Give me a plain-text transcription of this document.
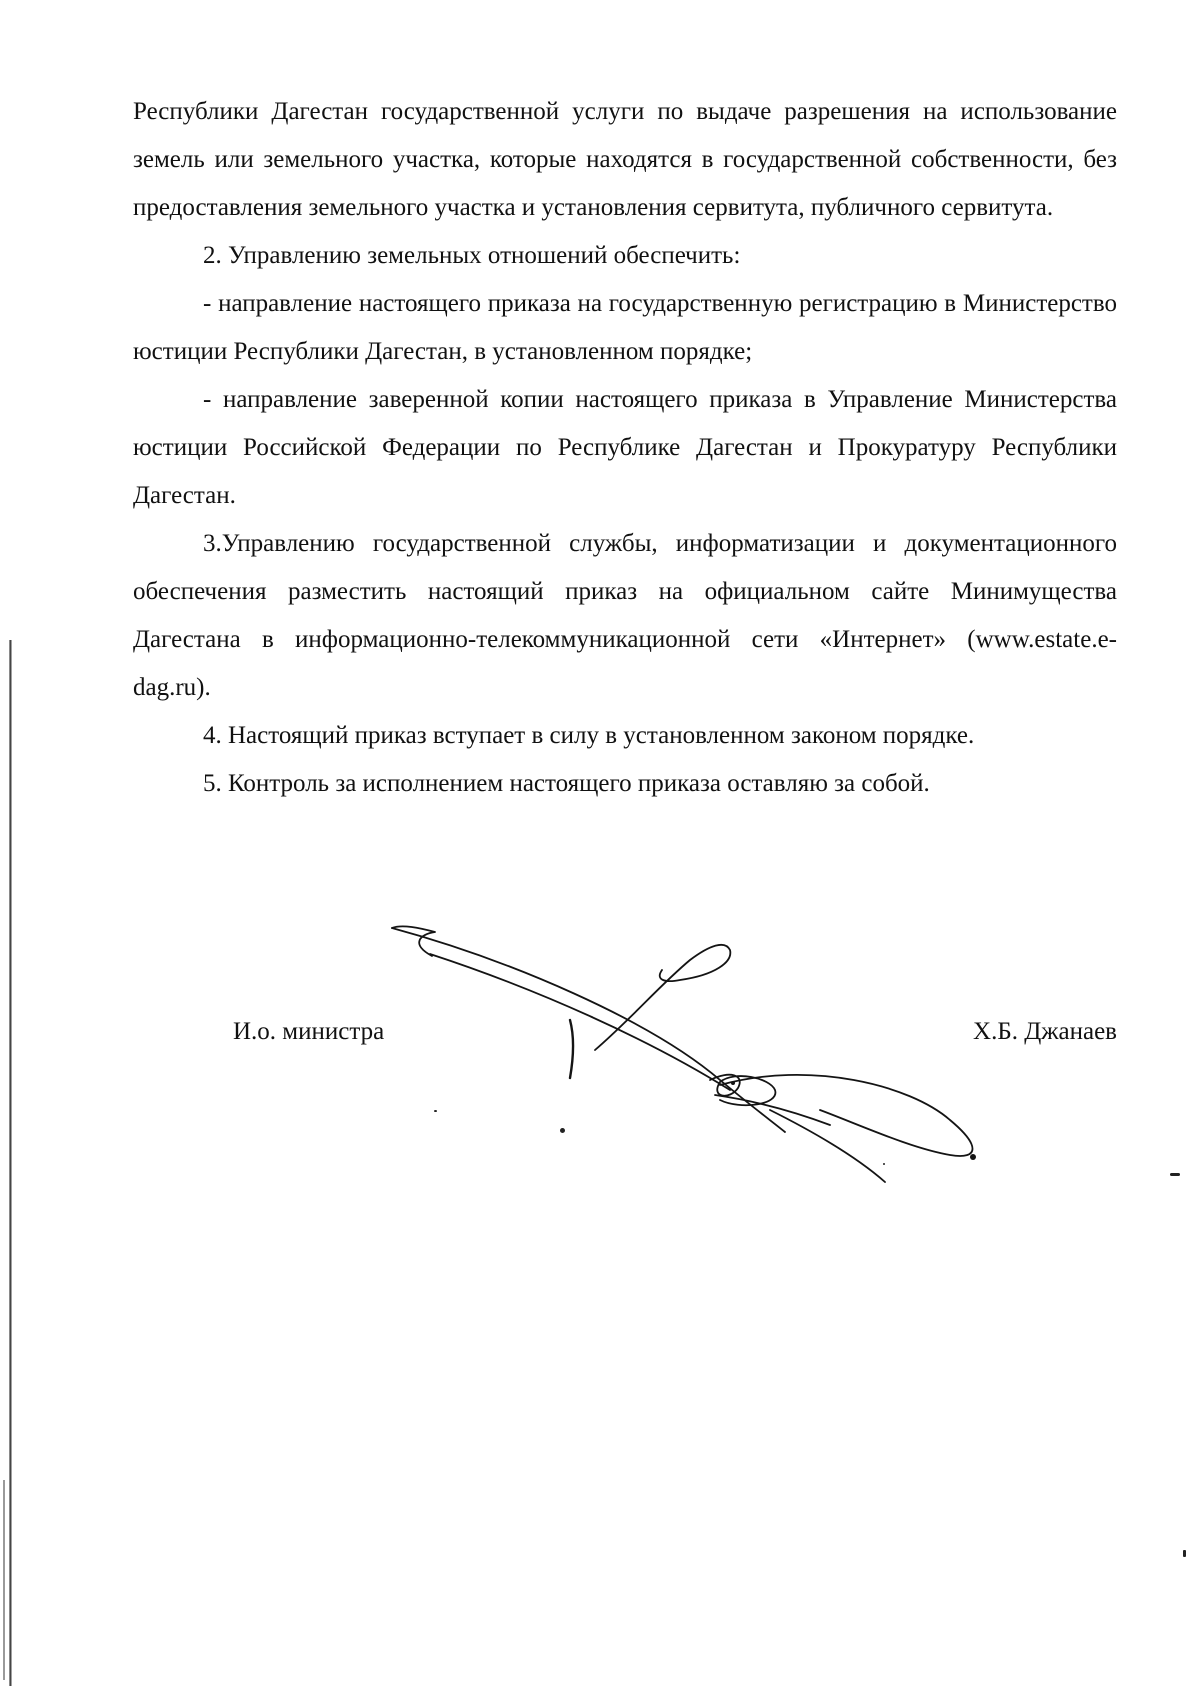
Республики Дагестан государственной услуги по выдаче разрешения на использование земель или земельного участка, которые находятся в государственной собственности, без предоставления земельного участка и установления сервитута, публичного сервитута.

2. Управлению земельных отношений обеспечить:

- направление настоящего приказа на государственную регистрацию в Министерство юстиции Республики Дагестан, в установленном порядке;

- направление заверенной копии настоящего приказа в Управление Министерства юстиции Российской Федерации по Республике Дагестан и Прокуратуру Республики Дагестан.

3.Управлению государственной службы, информатизации и документационного обеспечения разместить настоящий приказ на официальном сайте Минимущества Дагестана в информационно-телекоммуникационной сети «Интернет» (www.estate.e-dag.ru).

4. Настоящий приказ вступает в силу в установленном законом порядке.

5. Контроль за исполнением настоящего приказа оставляю за собой.

И.о. министра	Х.Б. Джанаев
